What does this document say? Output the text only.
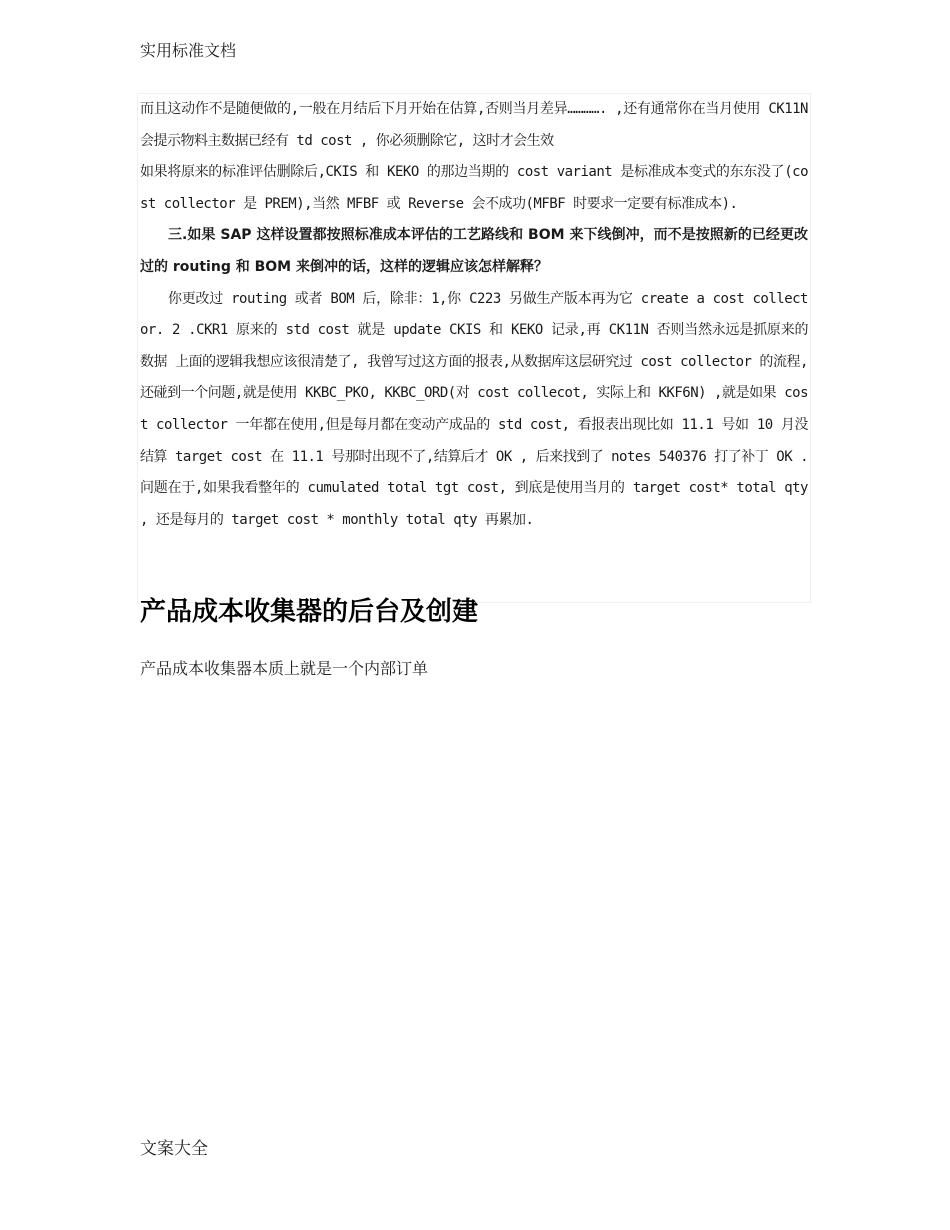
实用标准文档

而且这动作不是随便做的,一般在月结后下月开始在估算,否则当月差异…………. ,还有通常你在当月使用 CK11N 会提示物料主数据已经有 td cost , 你必须删除它, 这时才会生效

如果将原来的标准评估删除后,CKIS 和 KEKO 的那边当期的 cost variant 是标准成本变式的东东没了(cost collector 是 PREM),当然 MFBF 或 Reverse 会不成功(MFBF 时要求一定要有标准成本).

三.如果 SAP 这样设置都按照标准成本评估的工艺路线和 BOM 来下线倒冲，而不是按照新的已经更改过的 routing 和 BOM 来倒冲的话，这样的逻辑应该怎样解释？

你更改过 routing 或者 BOM 后，除非：1,你 C223 另做生产版本再为它 create a cost collector. 2 .CKR1 原来的 std cost 就是 update CKIS 和 KEKO 记录,再 CK11N 否则当然永远是抓原来的数据 上面的逻辑我想应该很清楚了, 我曾写过这方面的报表,从数据库这层研究过 cost collector 的流程, 还碰到一个问题,就是使用 KKBC_PKO, KKBC_ORD(对 cost collecot, 实际上和 KKF6N) ,就是如果 cost collector 一年都在使用,但是每月都在变动产成品的 std cost, 看报表出现比如 11.1 号如 10 月没结算 target cost 在 11.1 号那时出现不了,结算后才 OK , 后来找到了 notes 540376 打了补丁 OK . 问题在于,如果我看整年的 cumulated total tgt cost, 到底是使用当月的 target cost* total qty , 还是每月的 target cost * monthly total qty 再累加.

产品成本收集器的后台及创建

产品成本收集器本质上就是一个内部订单

文案大全
